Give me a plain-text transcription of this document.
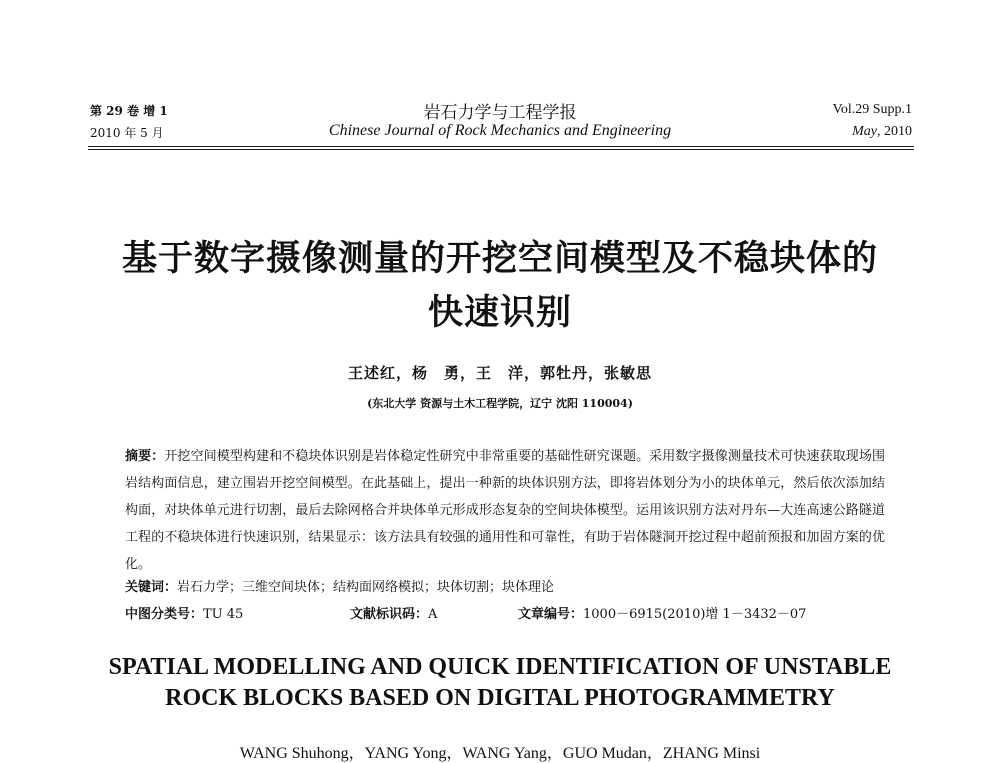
第 29 卷 增 1
2010 年 5 月
岩石力学与工程学报
Chinese Journal of Rock Mechanics and Engineering
Vol.29 Supp.1
May, 2010
基于数字摄像测量的开挖空间模型及不稳块体的
快速识别
王述红，杨　勇，王　洋，郭牡丹，张敏思
(东北大学 资源与土木工程学院，辽宁 沈阳 110004)
摘要：开挖空间模型构建和不稳块体识别是岩体稳定性研究中非常重要的基础性研究课题。采用数字摄像测量技术可快速获取现场围岩结构面信息，建立围岩开挖空间模型。在此基础上，提出一种新的块体识别方法，即将岩体划分为小的块体单元，然后依次添加结构面，对块体单元进行切割，最后去除网格合并块体单元形成形态复杂的空间块体模型。运用该识别方法对丹东—大连高速公路隧道工程的不稳块体进行快速识别，结果显示：该方法具有较强的通用性和可靠性，有助于岩体隧洞开挖过程中超前预报和加固方案的优化。
关键词：岩石力学；三维空间块体；结构面网络模拟；块体切割；块体理论
中图分类号：TU 45	文献标识码：A	文章编号：1000－6915(2010)增 1－3432－07
SPATIAL MODELLING AND QUICK IDENTIFICATION OF UNSTABLE
ROCK BLOCKS BASED ON DIGITAL PHOTOGRAMMETRY
WANG Shuhong，YANG Yong，WANG Yang，GUO Mudan，ZHANG Minsi
